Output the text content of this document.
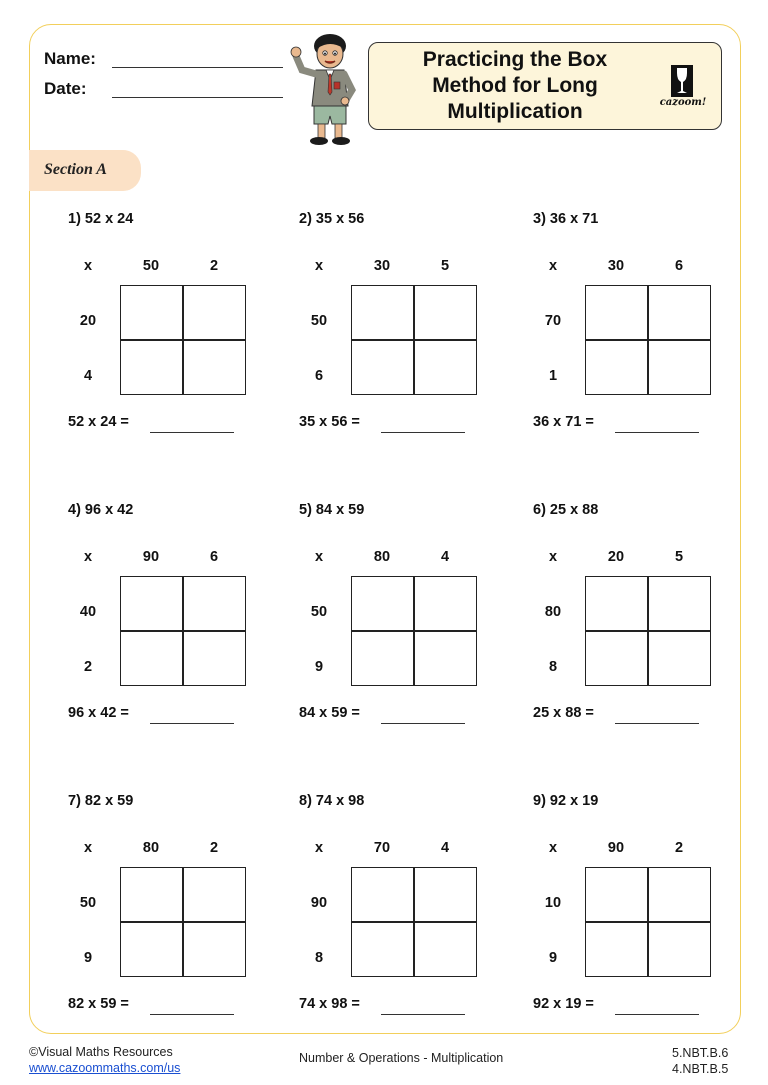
Name:
Date:
Practicing the Box
Method for Long
Multiplication	cazoom!
Section A
1) 52 x 24
x	50	2
20
4
52 x 24 =
2) 35 x 56
x	30	5
50
6
35 x 56 =
3) 36 x 71
x	30	6
70
1
36 x 71 =
4) 96 x 42
x	90	6
40
2
96 x 42 =
5) 84 x 59
x	80	4
50
9
84 x 59 =
6) 25 x 88
x	20	5
80
8
25 x 88 =
7) 82 x 59
x	80	2
50
9
82 x 59 =
8) 74 x 98
x	70	4
90
8
74 x 98 =
9) 92 x 19
x	90	2
10
9
92 x 19 =
©Visual Maths Resources
www.cazoommaths.com/us
Number & Operations - Multiplication	5.NBT.B.6
4.NBT.B.5
